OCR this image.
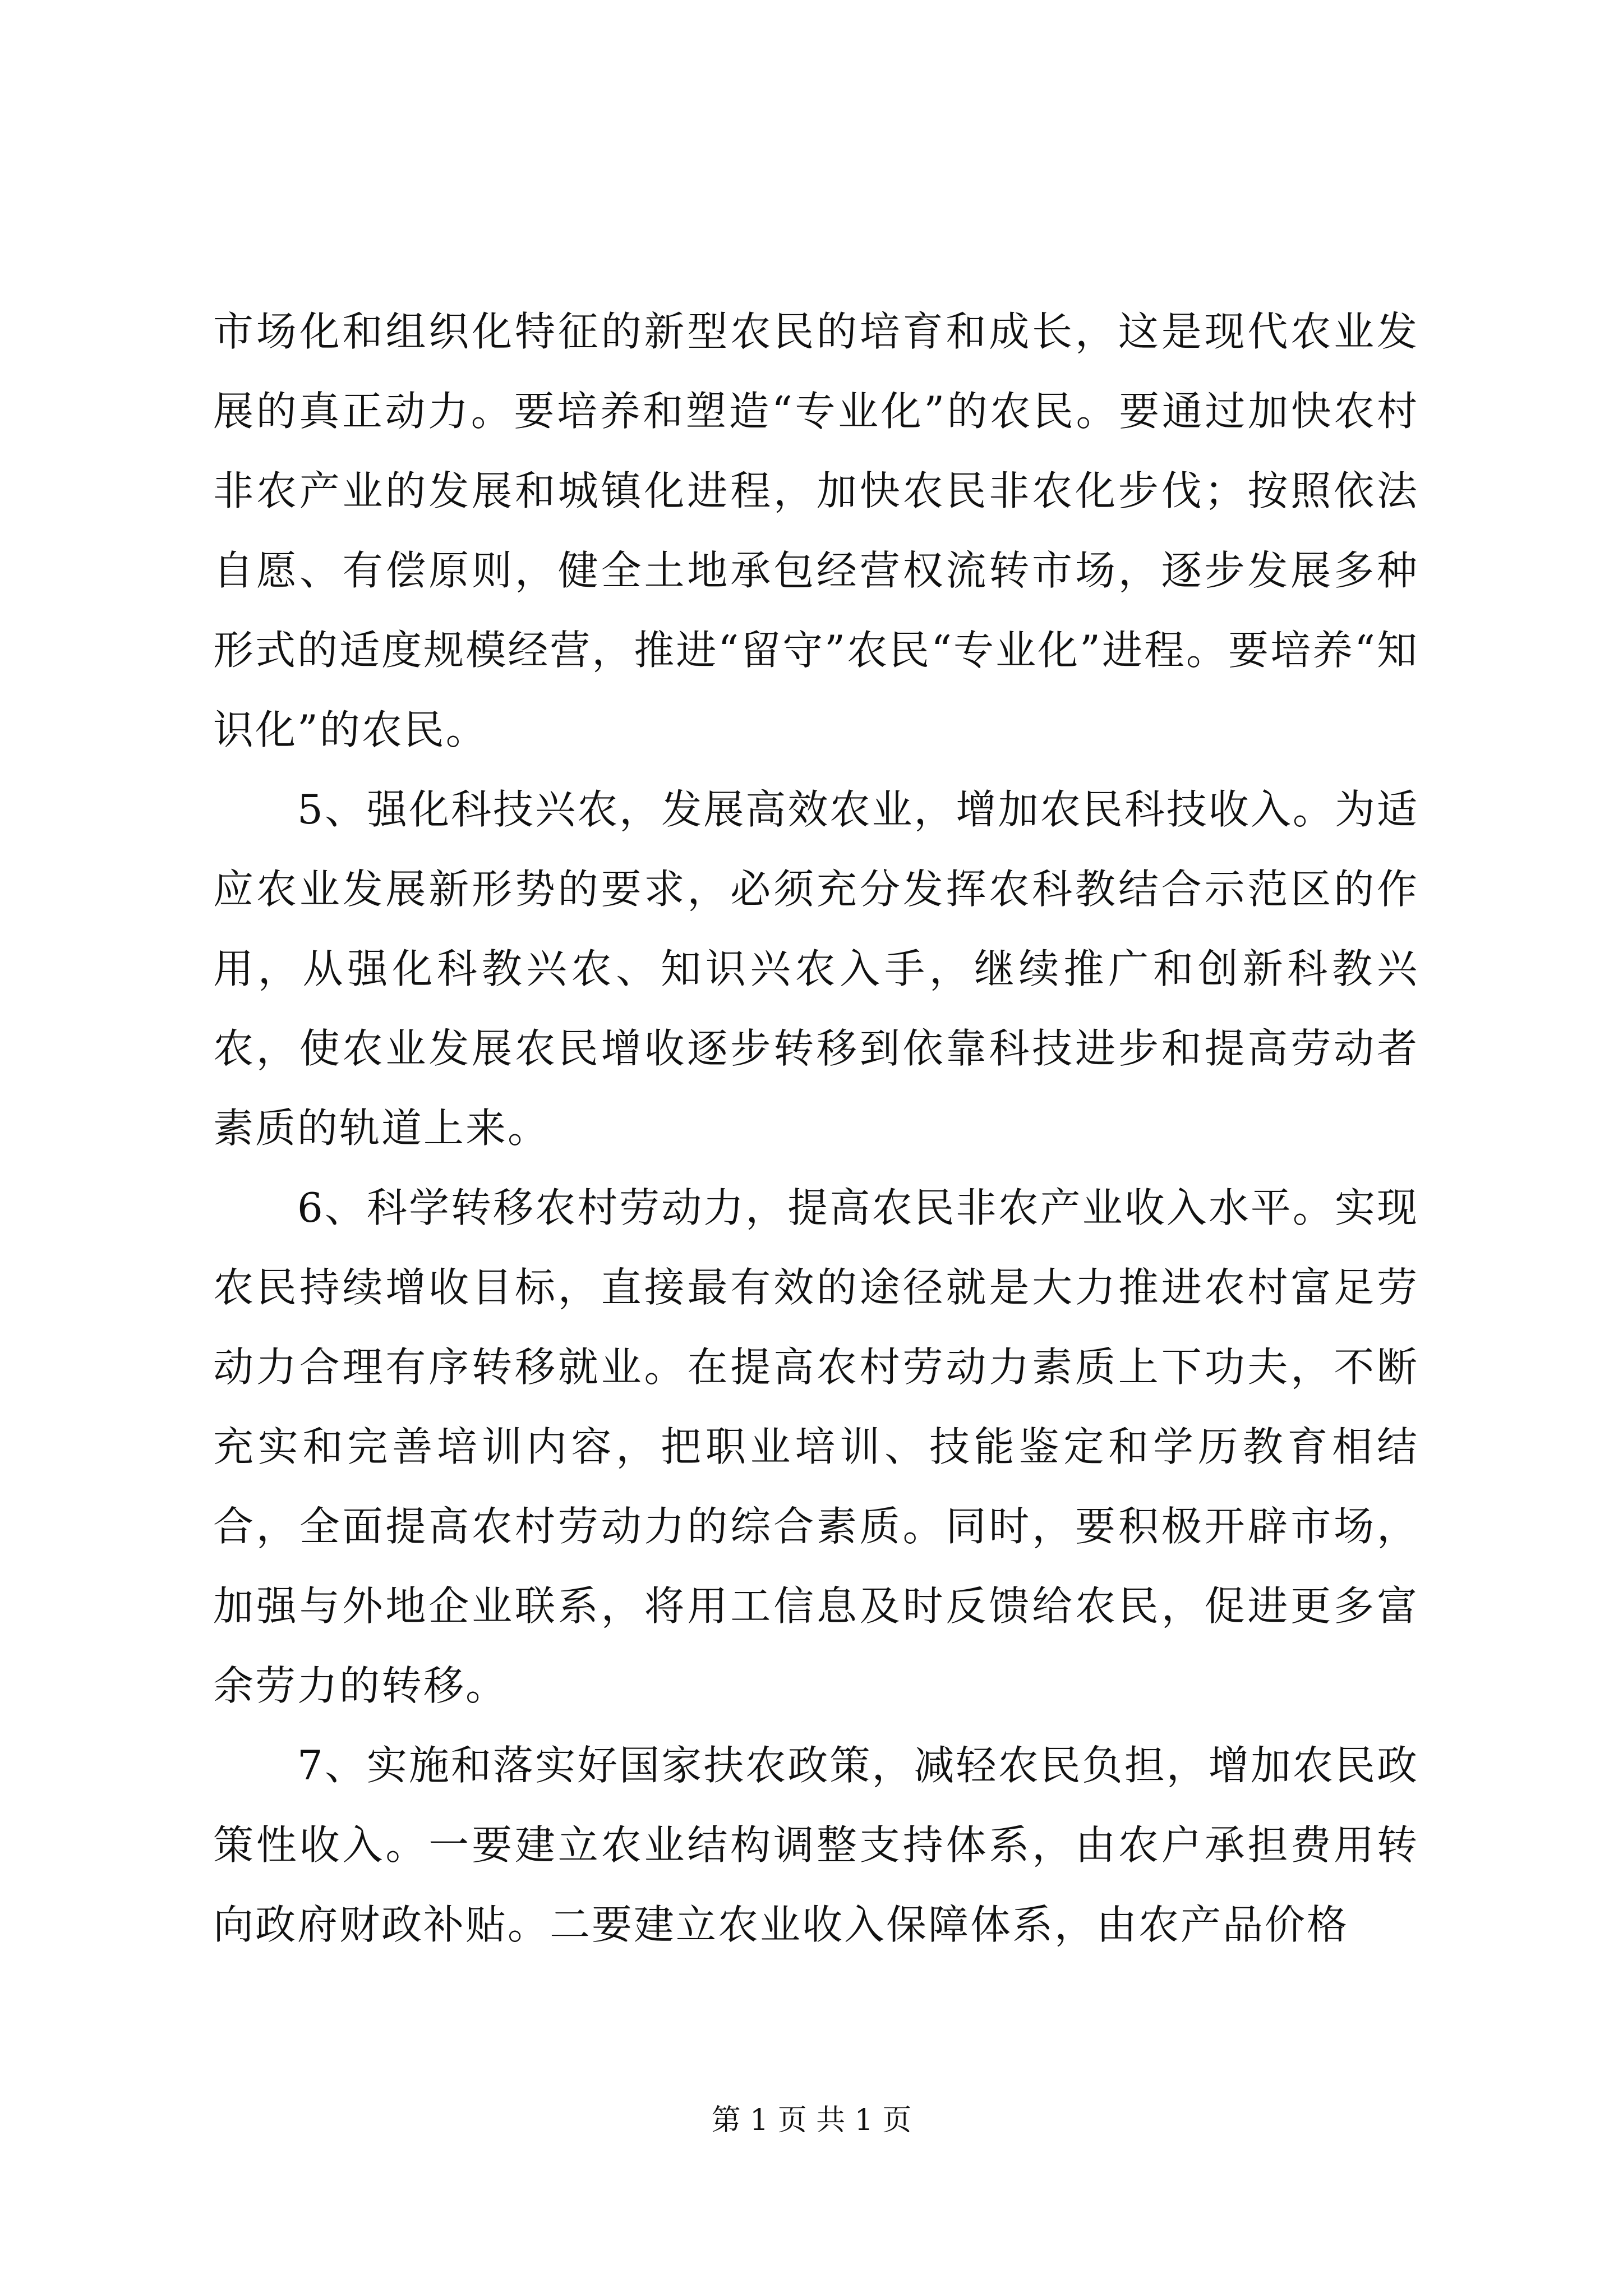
市场化和组织化特征的新型农民的培育和成长，这是现代农业发展的真正动力。要培养和塑造“专业化”的农民。要通过加快农村非农产业的发展和城镇化进程，加快农民非农化步伐；按照依法自愿、有偿原则，健全土地承包经营权流转市场，逐步发展多种形式的适度规模经营，推进“留守”农民“专业化”进程。要培养“知识化”的农民。

5、强化科技兴农，发展高效农业，增加农民科技收入。为适应农业发展新形势的要求，必须充分发挥农科教结合示范区的作用，从强化科教兴农、知识兴农入手，继续推广和创新科教兴农，使农业发展农民增收逐步转移到依靠科技进步和提高劳动者素质的轨道上来。

6、科学转移农村劳动力，提高农民非农产业收入水平。实现农民持续增收目标，直接最有效的途径就是大力推进农村富足劳动力合理有序转移就业。在提高农村劳动力素质上下功夫，不断充实和完善培训内容，把职业培训、技能鉴定和学历教育相结合，全面提高农村劳动力的综合素质。同时，要积极开辟市场，加强与外地企业联系，将用工信息及时反馈给农民，促进更多富余劳力的转移。

7、实施和落实好国家扶农政策，减轻农民负担，增加农民政策性收入。一要建立农业结构调整支持体系，由农户承担费用转向政府财政补贴。二要建立农业收入保障体系，由农产品价格

第 1 页 共 1 页
